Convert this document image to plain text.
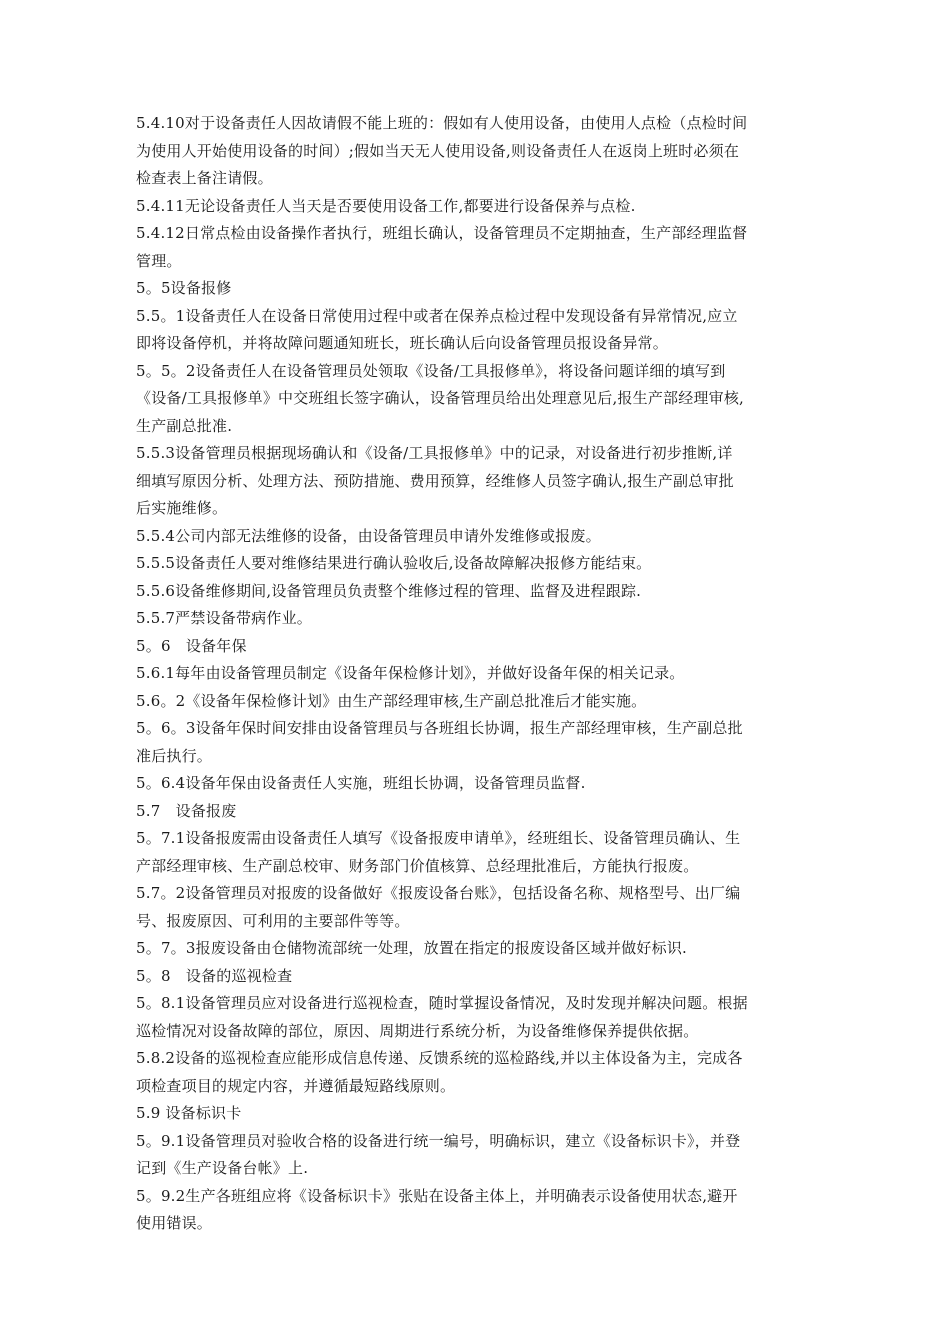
5.4.10对于设备责任人因故请假不能上班的：假如有人使用设备，由使用人点检（点检时间
为使用人开始使用设备的时间）;假如当天无人使用设备,则设备责任人在返岗上班时必须在
检查表上备注请假。
5.4.11无论设备责任人当天是否要使用设备工作,都要进行设备保养与点检.
5.4.12日常点检由设备操作者执行，班组长确认，设备管理员不定期抽查，生产部经理监督
管理。
5。5设备报修
5.5。1设备责任人在设备日常使用过程中或者在保养点检过程中发现设备有异常情况,应立
即将设备停机，并将故障问题通知班长，班长确认后向设备管理员报设备异常。
5。5。2设备责任人在设备管理员处领取《设备/工具报修单》，将设备问题详细的填写到
《设备/工具报修单》中交班组长签字确认，设备管理员给出处理意见后,报生产部经理审核,
生产副总批准.
5.5.3设备管理员根据现场确认和《设备/工具报修单》中的记录，对设备进行初步推断,详
细填写原因分析、处理方法、预防措施、费用预算，经维修人员签字确认,报生产副总审批
后实施维修。
5.5.4公司内部无法维修的设备，由设备管理员申请外发维修或报废。
5.5.5设备责任人要对维修结果进行确认验收后,设备故障解决报修方能结束。
5.5.6设备维修期间,设备管理员负责整个维修过程的管理、监督及进程跟踪.
5.5.7严禁设备带病作业。
5。6　设备年保
5.6.1每年由设备管理员制定《设备年保检修计划》，并做好设备年保的相关记录。
5.6。2《设备年保检修计划》由生产部经理审核,生产副总批准后才能实施。
5。6。3设备年保时间安排由设备管理员与各班组长协调，报生产部经理审核，生产副总批
准后执行。
5。6.4设备年保由设备责任人实施，班组长协调，设备管理员监督.
5.7　设备报废
5。7.1设备报废需由设备责任人填写《设备报废申请单》，经班组长、设备管理员确认、生
产部经理审核、生产副总校审、财务部门价值核算、总经理批准后，方能执行报废。
5.7。2设备管理员对报废的设备做好《报废设备台账》，包括设备名称、规格型号、出厂编
号、报废原因、可利用的主要部件等等。
5。7。3报废设备由仓储物流部统一处理，放置在指定的报废设备区域并做好标识.
5。8　设备的巡视检查
5。8.1设备管理员应对设备进行巡视检查，随时掌握设备情况，及时发现并解决问题。根据
巡检情况对设备故障的部位，原因、周期进行系统分析，为设备维修保养提供依据。
5.8.2设备的巡视检查应能形成信息传递、反馈系统的巡检路线,并以主体设备为主，完成各
项检查项目的规定内容，并遵循最短路线原则。
5.9 设备标识卡
5。9.1设备管理员对验收合格的设备进行统一编号，明确标识，建立《设备标识卡》，并登
记到《生产设备台帐》上.
5。9.2生产各班组应将《设备标识卡》张贴在设备主体上，并明确表示设备使用状态,避开
使用错误。
